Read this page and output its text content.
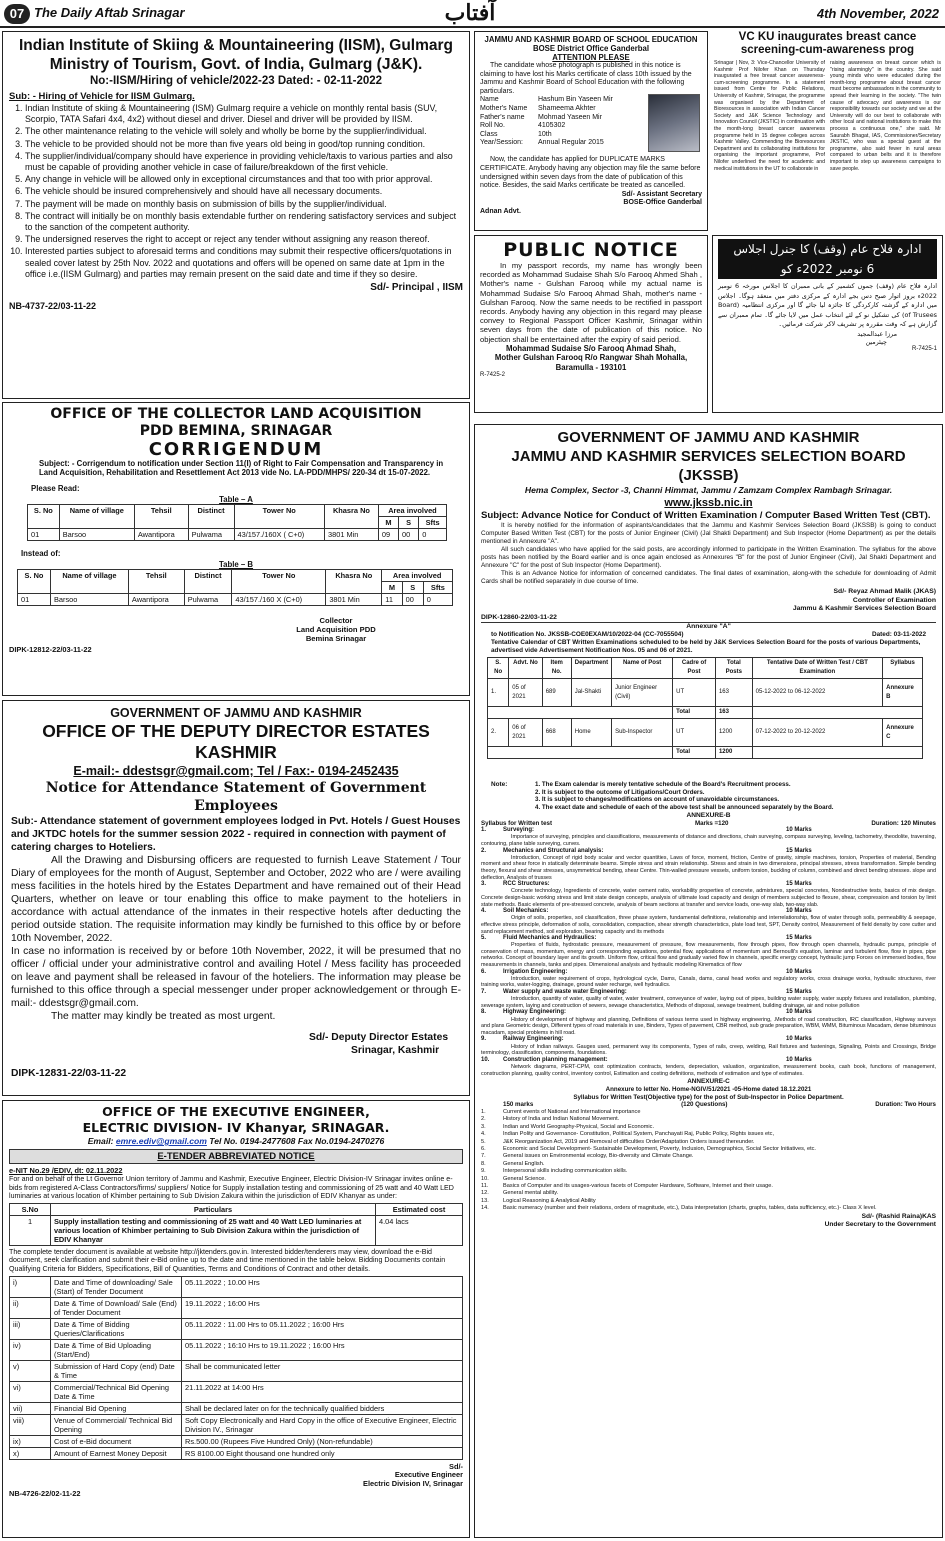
07 The Daily Aftab Srinagar	آفتاب	4th November, 2022
Indian Institute of Skiing & Mountaineering (IISM), Gulmarg
Ministry of Tourism, Govt. of India, Gulmarg (J&K).
No:-IISM/Hiring of vehicle/2022-23 Dated: - 02-11-2022
Sub: - Hiring of Vehicle for IISM Gulmarg.
1. Indian Institute of skiing & Mountaineering (ISM) Gulmarg require a vehicle on monthly rental basis (SUV, Scorpio, TATA Safari 4x4, 4x2) without diesel and driver. Diesel and driver will be provided by IISM.
2. The other maintenance relating to the vehicle will solely and wholly be borne by the supplier/individual.
3. The vehicle to be provided should not be more than five years old being in good/top running condition.
4. The supplier/individual/company should have experience in providing vehicle/taxis to various parties and also must be capable of providing another vehicle in case of failure/breakdown of the first vehicle.
5. Any change in vehicle will be allowed only in exceptional circumstances and that too with prior approval.
6. The vehicle should be insured comprehensively and should have all necessary documents.
7. The payment will be made on monthly basis on submission of bills by the supplier/individual.
8. The contract will initially be on monthly basis extendable further on rendering satisfactory services and subject to the sanction of the competent authority.
9. The undersigned reserves the right to accept or reject any tender without assigning any reason thereof.
10. Interested parties subject to aforesaid terms and conditions may submit their respective officers/quotations in sealed cover latest by 25th Nov. 2022 and quotations and offers will be opened on same date at 1pm in the office i.e.(IISM Gulmarg) and parties may remain present on the said date and time if they so desire.
Sd/- Principal , IISM
NB-4737-22/03-11-22
JAMMU AND KASHMIR BOARD OF SCHOOL EDUCATION
BOSE District Office Ganderbal
ATTENTION PLEASE
The candidate whose photograph is published in this notice is claiming to have lost his Marks certificate of class 10th issued by the Jammu and Kashmir Board of School Education with the following particulars.
Name	Hashum Bin Yaseen Mir
Mother's Name Shameema Akhter
Father's name Mohmad Yaseen Mir
Roll No.	4105302
Class	10th
Year/Session: Annual Regular 2015
Now, the candidate has applied for DUPLICATE MARKS CERTIFICATE. Anybody having any objection may file the same before undersigned within seven days from the date of publication of this notice. Besides, the said Marks certificate be treated as cancelled.
Sd/- Assistant Secretary
BOSE-Office Ganderbal
Adnan Advt.
VC KU inaugurates breast cance screening-cum-awareness prog
Srinagar | Nov, 3: Vice-Chancellor University of Kashmir Prof Nilofer Khan on Thursday inaugurated a free breast cancer awareness-cum-screening programme. In a statement issued from Centre for Public Relations, University of Kashmir, Srinagar, the programme was organised by the Department of Bioresources in association with Indian Cancer Society and J&K Science Technology and Innovation Council (JKSTIC) in continuation with the month-long breast cancer awareness programme held in 15 degree colleges across Kashmir Valley. Commending the Bioresources Department and its collaborating institutions for organising the important programme, Prof Nilofer underlined the need for academic and medical institutions in the UT to collaborate in
raising awareness on breast cancer which is "rising alarmingly" in the country. She said young minds who were educated during the month-long programme about breast cancer must become ambassadors in the community to spread their learning in the society. "The twin cause of advocacy and awareness is our responsibility towards our society and we at the University will do our best to collaborate with other local and national institutions to make this process a continuous one," she said. Mr Saurabh Bhagat, IAS, Commissioner/Secretary JKSTIC, who was a special guest at the programme, also said fewer in rural areas compared to urban belts and it is therefore important to step up awareness campaigns to save people.
PUBLIC NOTICE
In my passport records, my name has wrongly been recorded as Mohammad Sudaise Shah S/o Farooq Ahmed Shah , Mother's name - Gulshan Farooq while my actual name is Mohammad Sudaise S/o Farooq Ahmad Shah, mother's name - Gulshan Farooq. Now the same needs to be rectified in passport records. Anybody having any objection in this regard may please convey to Regional Passport Officer Kashmir, Srinagar within seven days from the date of publication of this notice. No objection shall be entertained after the expiry of said period.
Mohammad Sudaise S/o Farooq Ahmad Shah,
Mother Gulshan Farooq R/o Rangwar Shah Mohalla,
Baramulla - 193101
R-7425-2
ادارہ فلاح عام (وقف) کا جنرل اجلاس
6 نومبر 2022ء کو
ادارہ فلاح عام (وقف) جموں کشمیر کے بانی ممبران کا اجلاس مورخہ 6 نومبر 2022ء بروز اتوار صبح دس بجے ادارہ کے مرکزی دفتر میں منعقد ہوگا۔ اجلاس میں ادارہ کے گزشتہ کارکردگی کا جائزہ لیا جائے گا اور مرکزی انتظامیہ (Board of Trusees) کی تشکیل نو کے لئے انتخاب عمل میں لایا جائے گا۔ تمام ممبران سے گزارش ہے کہ وقت مقررہ پر تشریف لاکر شرکت فرمائیں۔
مرزا عبدالمجید
چیئرمین
R-7425-1
OFFICE OF THE COLLECTOR LAND ACQUISITION
PDD BEMINA, SRINAGAR
CORRIGENDUM
Subject: - Corrigendum to notification under Section 11(I) of Right to Fair Compensation and Transparency in Land Acquisition, Rehabilitation and Resettlement Act 2013 vide No. LA-PDD/MHPS/ 220-34 dt 15-07-2022.
Please Read:
Table – A
S. No	Name of village	Tehsil	Distinct	Tower No	Khasra No	Area involved		
						M	S	Sfts
01	Barsoo	Awantipora	Pulwama	43/157./160X ( C+0)	3801 Min	09	00	0
Instead of:
Table – B
S. No	Name of village	Tehsil	Distinct	Tower No	Khasra No	Area involved		
						M	S	Sfts
01	Barsoo	Awantipora	Pulwama	43/157./160 X (C+0)	3801 Min	11	00	0
Collector
Land Acquisition PDD
Bemina Srinagar
DIPK-12812-22/03-11-22
GOVERNMENT OF JAMMU AND KASHMIR
OFFICE OF THE DEPUTY DIRECTOR ESTATES KASHMIR
E-mail:- ddestsgr@gmail.com; Tel / Fax:- 0194-2452435
Notice for Attendance Statement of Government Employees
Sub:- Attendance statement of government employees lodged in Pvt. Hotels / Guest Houses and JKTDC hotels for the summer session 2022 - required in connection with payment of catering charges to Hoteliers.
All the Drawing and Disbursing officers are requested to furnish Leave Statement / Tour Diary of employees for the month of August, September and October, 2022 who are / were availing mess facilities in the hotels hired by the Estates Department and have remained out of their Head Quarters, whether on leave or tour enabling this office to make payment to the hoteliers in accordance with actual attendance of the inmates in their respective hotels after deducting the period outside station. The requisite information may kindly be furnished to this office by or before 10th November, 2022.
In case no information is received by or before 10th November, 2022, it will be presumed that no officer / official under your administrative control and availing Hotel / Mess facility has proceeded on leave and payment shall be released in favour of the hoteliers. The information may please be furnished to this office through a special messenger under proper acknowledgement or through E-mail:- ddestsgr@gmail.com.
The matter may kindly be treated as most urgent.
Sd/- Deputy Director Estates
Srinagar, Kashmir
DIPK-12831-22/03-11-22
OFFICE OF THE EXECUTIVE ENGINEER,
ELECTRIC DIVISION- IV Khanyar, SRINAGAR.
Email: emre.ediv@gmail.com Tel No. 0194-2477608 Fax No.0194-2470276
E-TENDER ABBREVIATED NOTICE
e-NIT No.29 /EDIV, dt: 02.11.2022
For and on behalf of the Lt Governor Union territory of Jammu and Kashmir, Executive Engineer, Electric Division-IV Srinagar invites online e-bids from registered A-Class Contractors/firms/ suppliers/ Notice for Supply installation testing and commissioning of 25 watt and 40 Watt LED luminaries at various location of Khimber pertaining to Sub Division Zakura within the jurisdiction of EDIV Khanyar as under:
S.No	Particulars	Estimated cost
1	Supply installation testing and commissioning of 25 watt and 40 Watt LED luminaries at various location of Khimber pertaining to Sub Division Zakura within the jurisdiction of EDIV Khanyar	4.04 lacs
The complete tender document is available at website http://jktenders.gov.in. Interested bidder/tenderers may view, download the e-Bid document, seek clarification and submit their e-Bid online up to the date and time mentioned in the table below. Bidding Documents contain Qualifying Criteria for Bidders, Specifications, Bill of Quantities, Terms and Conditions of Contract and other details.
i)	Date and Time of downloading/ Sale (Start) of Tender Document	05.11.2022 ; 10.00 Hrs
ii)	Date & Time of Download/ Sale (End) of Tender Document	19.11.2022 ; 16:00 Hrs
iii)	Date & Time of Bidding Queries/Clarifications	05.11.2022 : 11.00 Hrs to 05.11.2022 ; 16:00 Hrs
iv)	Date & Time of Bid Uploading (Start/End)	05.11.2022 ; 16:10 Hrs to 19.11.2022 ; 16:00 Hrs
v)	Submission of Hard Copy (end) Date & Time	Shall be communicated letter
vi)	Commercial/Technical Bid Opening Date & Time	21.11.2022 at 14:00 Hrs
vii)	Financial Bid Opening	Shall be declared later on for the technically qualified bidders
viii)	Venue of Commercial/ Technical Bid Opening	Soft Copy Electronically and Hard Copy in the office of Executive Engineer, Electric Division IV., Srinagar
ix)	Cost of e-Bid document	Rs.500.00 (Rupees Five Hundred Only) (Non-refundable)
x)	Amount of Earnest Money Deposit	RS 8100.00 Eight thousand one hundred only
Sd/-
Executive Engineer
Electric Division IV, Srinagar
NB-4726-22/02-11-22
GOVERNMENT OF JAMMU AND KASHMIR
JAMMU AND KASHMIR SERVICES SELECTION BOARD (JKSSB)
Hema Complex, Sector -3, Channi Himmat, Jammu / Zamzam Complex Rambagh Srinagar.
www.jkssb.nic.in
Subject: Advance Notice for Conduct of Written Examination / Computer Based Written Test (CBT).
It is hereby notified for the information of aspirants/candidates that the Jammu and Kashmir Services Selection Board (JKSSB) is going to conduct Computer Based Written Test (CBT) for the posts of Junior Engineer (Civil) (Jal Shakti Department) and Sub Inspector (Home Department) as per the details mentioned in Annexure "A".
All such candidates who have applied for the said posts, are accordingly informed to participate in the Written Examination. The syllabus for the above posts has been notified by the Board earlier and is once again enclosed as Annexures "B" for the post of Junior Engineer (Civil), Jal Shakti Department and Annexure "C" for the post of Sub Inspector (Home Department).
This is an Advance Notice for information of concerned candidates. The final dates of examination, along-with the schedule for downloading of Admit Cards shall be notified separately in due course of time.
Sd/- Reyaz Ahmad Malik (JKAS)
Controller of Examination
Jammu & Kashmir Services Selection Board
DIPK-12860-22/03-11-22
Annexure "A"
to Notification No. JKSSB-COE0EXAM/10/2022-04 (CC-7055504)	Dated: 03-11-2022
Tentative Calendar of CBT Written Examinations scheduled to be held by J&K Services Selection Board for the posts of various Departments, advertised vide Advertisement Notification Nos. 05 and 06 of 2021.
S. No	Advt. No	Item No.	Department	Name of Post	Cadre of Post	Total Posts	Tentative Date of Written Test / CBT Examination	Syllabus
1.	05 of 2021	689	Jal-Shakti	Junior Engineer (Civil)	UT	163	05-12-2022 to 06-12-2022	Annexure B
					Total	163		
2.	06 of 2021	668	Home	Sub-Inspector	UT	1200	07-12-2022 to 20-12-2022	Annexure C
					Total	1200		
Note:	1. The Exam calendar is merely tentative schedule of the Board's Recruitment process.
2. It is subject to the outcome of Litigations/Court Orders.
3. It is subject to changes/modifications on account of unavoidable circumstances.
4. The exact date and schedule of each of the above test shall be announced separately by the Board.
ANNEXURE-B
Syllabus for Written test	Marks =120	Duration: 120 Minutes
1.	Surveying:	10 Marks
Importance of surveying, principles and classifications, measurements of distance and directions, chain surveying, compass surveying, leveling, tachometry, theodolite, traversing, contouring, plane table surveying, curves.
2.	Mechanics and Structural analysis:	15 Marks
Introduction, Concept of rigid body scalar and vector quantities, Laws of force, moment, friction, Centre of gravity, simple machines, torsion, Properties of material, Bending moment and shear force in statically determinate beams. Simple stress and strain relationship. Stress and strain in two dimensions, principal stresses, stress transformation. Simple bending theory, flexural and shear stresses, unsymmetrical bending, shear Centre. Thin-walled pressure vessels, uniform torsion, buckling of column, combined and direct bending stresses. slope and deflection, Analysis of trusses
3.	RCC Structures:	15 Marks
Concrete technology, Ingredients of concrete, water cement ratio, workability properties of concrete, admixtures, special concretes, Nondestructive tests, basics of mix design. Concrete design-basic working stress and limit state design concepts, analysis of ultimate load capacity and design of members subjected to flexure, shear, compression and torsion by limit state methods. Basic elements of pre-stressed concrete, analysis of beam sections at transfer and service loads, one-way slab, two-way slab.
4.	Soil Mechanics:	10 Marks
Origin of soils, properties, soil classification, three phase system, fundamental definitions, relationship and interrelationship, flow of water through soils, permeability & seepage, effective stress principle, deformation of soils, consolidation, compaction, shear strength characteristics, plate load test, SPT, Density control, Measurement of field density by core cutter and sand replacement method, soil exploration, bearing capacity and its methods
5.	Fluid Mechanics and Hydraulics:	15 Marks
Properties of fluids, hydrostatic pressure, measurement of pressure, flow measurements, flow through pipes, flow through open channels, hydraulic pumps, principle of conservation of mass, momentum, energy and corresponding equations, potential flow, applications of momentum and Bernoulli's equation, laminar and turbulent flow, flow in pipes, pipe networks. Concept of boundary layer and its growth. Uniform flow, critical flow and gradually varied flow in channels, specific energy concept, hydraulic jump Forces on immersed bodies, flow measurements in channels, tanks and pipes. Dimensional analysis and hydraulic modeling Kinematics of flow
6.	Irrigation Engineering:	10 Marks
Introduction, water requirement of crops, hydrological cycle, Dams, Canals, dams, canal head works and regulatory works, cross drainage works, hydraulic structures, river training works, water-logging, drainage, ground water recharge, well hydraulics.
7.	Water supply and waste water Engineering:	15 Marks
Introduction, quantity of water, quality of water, water treatment, conveyance of water, laying out of pipes, building water supply, water supply fixtures and installation, plumbing, sewerage system, laying and construction of sewers, sewage characteristics, Methods of disposal, sewage treatment, building drainage, air and noise pollution
8.	Highway Engineering:	10 Marks
History of development of highway and planning, Definitions of various terms used in highway engineering, .Methods of road construction, IRC classification, Highway surveys and plans Geometric design, Different types of road materials in use, Binders, Types of pavement, CBR method, sub grade preparation, WBM, WMM, Bituminous Macadam, dense bituminous macadam, special problems in hill road.
9.	Railway Engineering:	10 Marks
History of Indian railways. Gauges used, permanent way its components, Types of rails, creep, welding, Rail fixtures and fastenings, Signaling, Points and Crossings, Bridge terminology, classification, components, foundations.
10.	Construction planning management:	10 Marks
Network diagrams, PERT-CPM, cost optimization contracts, tenders, depreciation, valuation, organization, measurement books, cash book, functions of management, construction planning, quality control, inventory control, Estimation and costing definitions, methods of estimation and type of estimates.
ANNEXURE-C
Annexure to letter No. Home-NGIV/51/2021 -05-Home dated 18.12.2021
Syllabus for Written Test(Objective type) for the post of Sub-Inspector in Police Department.
150 marks	(120 Questions)	Duration: Two Hours
1.	Current events of National and International importance
2.	History of India and Indian National Movement.
3.	Indian and World Geography-Physical, Social and Economic.
4.	Indian Polity and Governance- Constitution, Political System, Panchayati Raj, Public Policy, Rights issues etc,
5.	J&K Reorganization Act, 2019 and Removal of difficulties Order/Adaptation Orders issued thereunder.
6.	Economic and Social Development- Sustainable Development, Poverty, Inclusion, Demographics, Social Sector Initiatives, etc.
7.	General issues on Environmental ecology, Bio-diversity and Climate Change.
8.	General English.
9.	Interpersonal skills including communication skills.
10.	General Science.
11.	Basics of Computer and its usages-various facets of Computer Hardware, Software, Internet and their usage.
12.	General mental ability.
13.	Logical Reasoning & Analytical Ability
14.	Basic numeracy (number and their relations, orders of magnitude, etc.), Data interpretation (charts, graphs, tables, data sufficiency, etc.)- Class X level.
Sd/- (Rashid Raina)KAS
Under Secretary to the Government
